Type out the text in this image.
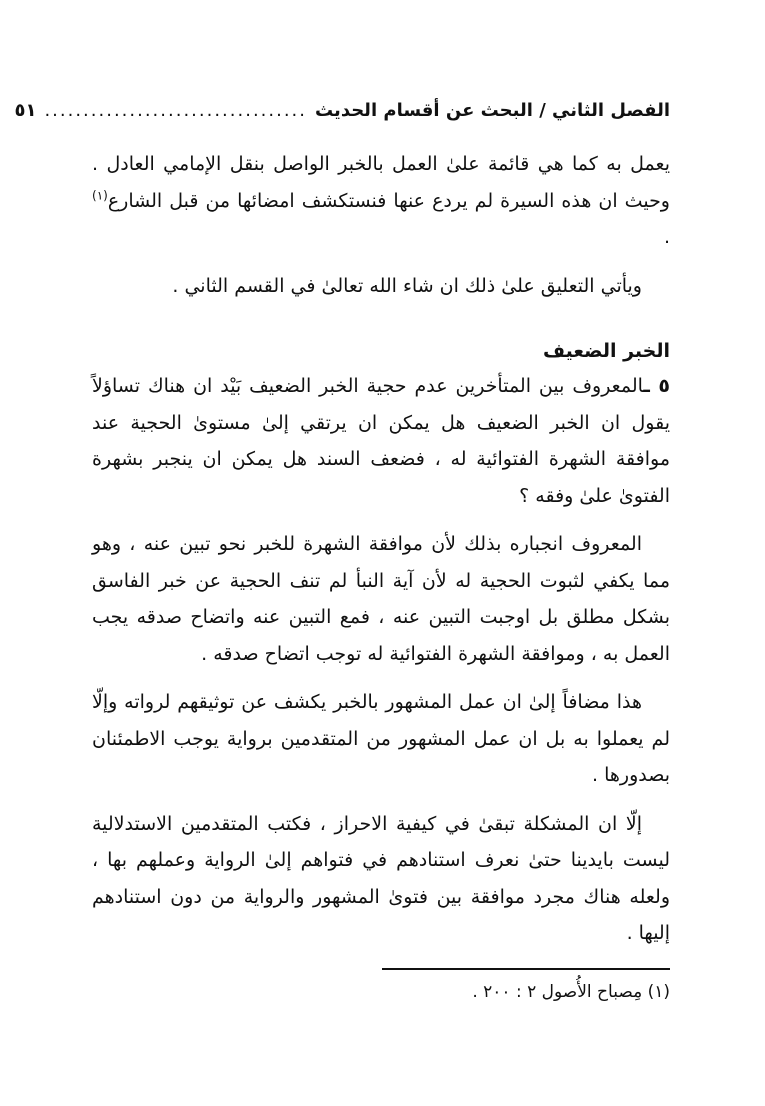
الفصل الثاني / البحث عن أقسام الحديث
..................................
٥١

يعمل به كما هي قائمة علىٰ العمل بالخبر الواصل بنقل الإمامي العادل . وحيث ان هذه السيرة لم يردع عنها فنستكشف امضائها من قبل الشارع$^{(١)}$ .

ويأتي التعليق علىٰ ذلك ان شاء الله تعالىٰ في القسم الثاني .

الخبر الضعيف

٥ ـالمعروف بين المتأخرين عدم حجية الخبر الضعيف بَيْد ان هناك تساؤلاً يقول ان الخبر الضعيف هل يمكن ان يرتقي إلىٰ مستوىٰ الحجية عند موافقة الشهرة الفتوائية له ، فضعف السند هل يمكن ان ينجبر بشهرة الفتوىٰ علىٰ وفقه ؟

المعروف انجباره بذلك لأن موافقة الشهرة للخبر نحو تبين عنه ، وهو مما يكفي لثبوت الحجية له لأن آية النبأ لم تنف الحجية عن خبر الفاسق بشكل مطلق بل اوجبت التبين عنه ، فمع التبين عنه واتضاح صدقه يجب العمل به ، وموافقة الشهرة الفتوائية له توجب اتضاح صدقه .

هذا مضافاً إلىٰ ان عمل المشهور بالخبر يكشف عن توثيقهم لرواته وإلّا لم يعملوا به بل ان عمل المشهور من المتقدمين برواية يوجب الاطمئنان بصدورها .

إلّا ان المشكلة تبقىٰ في كيفية الاحراز ، فكتب المتقدمين الاستدلالية ليست بايدينا حتىٰ نعرف استنادهم في فتواهم إلىٰ الرواية وعملهم بها ، ولعله هناك مجرد موافقة بين فتوىٰ المشهور والرواية من دون استنادهم إليها .

(١) مِصباح الأُصول ٢ : ٢٠٠ .
